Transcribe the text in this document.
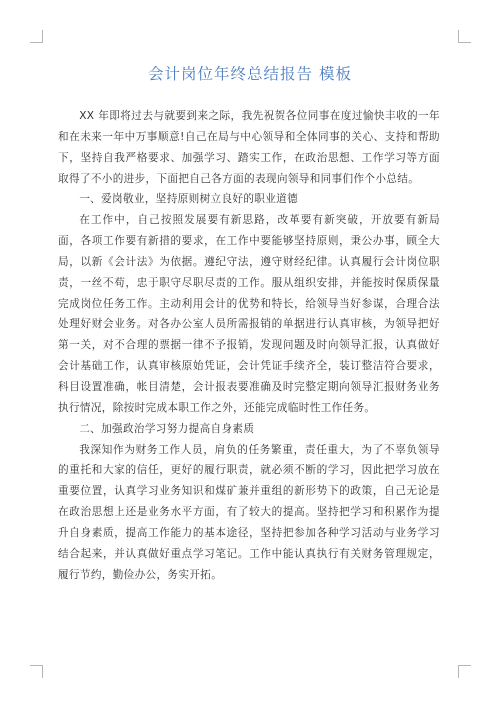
会计岗位年终总结报告 模板

XX 年即将过去与就要到来之际，我先祝贺各位同事在度过愉快丰收的一年和在未来一年中万事顺意!自己在局与中心领导和全体同事的关心、支持和帮助下，坚持自我严格要求、加强学习、踏实工作，在政治思想、工作学习等方面取得了不小的进步，下面把自己各方面的表现向领导和同事们作个小总结。

一、爱岗敬业，坚持原则树立良好的职业道德

在工作中，自己按照发展要有新思路，改革要有新突破，开放要有新局面，各项工作要有新措的要求，在工作中要能够坚持原则，秉公办事，顾全大局，以新《会计法》为依据。遵纪守法，遵守财经纪律。认真履行会计岗位职责，一丝不苟，忠于职守尽职尽责的工作。服从组织安排，并能按时保质保量完成岗位任务工作。主动利用会计的优势和特长，给领导当好参谋，合理合法处理好财会业务。对各办公室人员所需报销的单据进行认真审核，为领导把好第一关，对不合理的票据一律不予报销，发现问题及时向领导汇报，认真做好会计基础工作，认真审核原始凭证，会计凭证手续齐全，装订整洁符合要求，科目设置准确，帐目清楚，会计报表要准确及时完整定期向领导汇报财务业务执行情况，除按时完成本职工作之外，还能完成临时性工作任务。

二、加强政治学习努力提高自身素质

我深知作为财务工作人员，肩负的任务繁重，责任重大，为了不辜负领导的重托和大家的信任，更好的履行职责，就必须不断的学习，因此把学习放在重要位置，认真学习业务知识和煤矿兼并重组的新形势下的政策，自己无论是在政治思想上还是业务水平方面，有了较大的提高。坚持把学习和积累作为提升自身素质，提高工作能力的基本途径，坚持把参加各种学习活动与业务学习结合起来，并认真做好重点学习笔记。工作中能认真执行有关财务管理规定，履行节约，勤俭办公，务实开拓。
